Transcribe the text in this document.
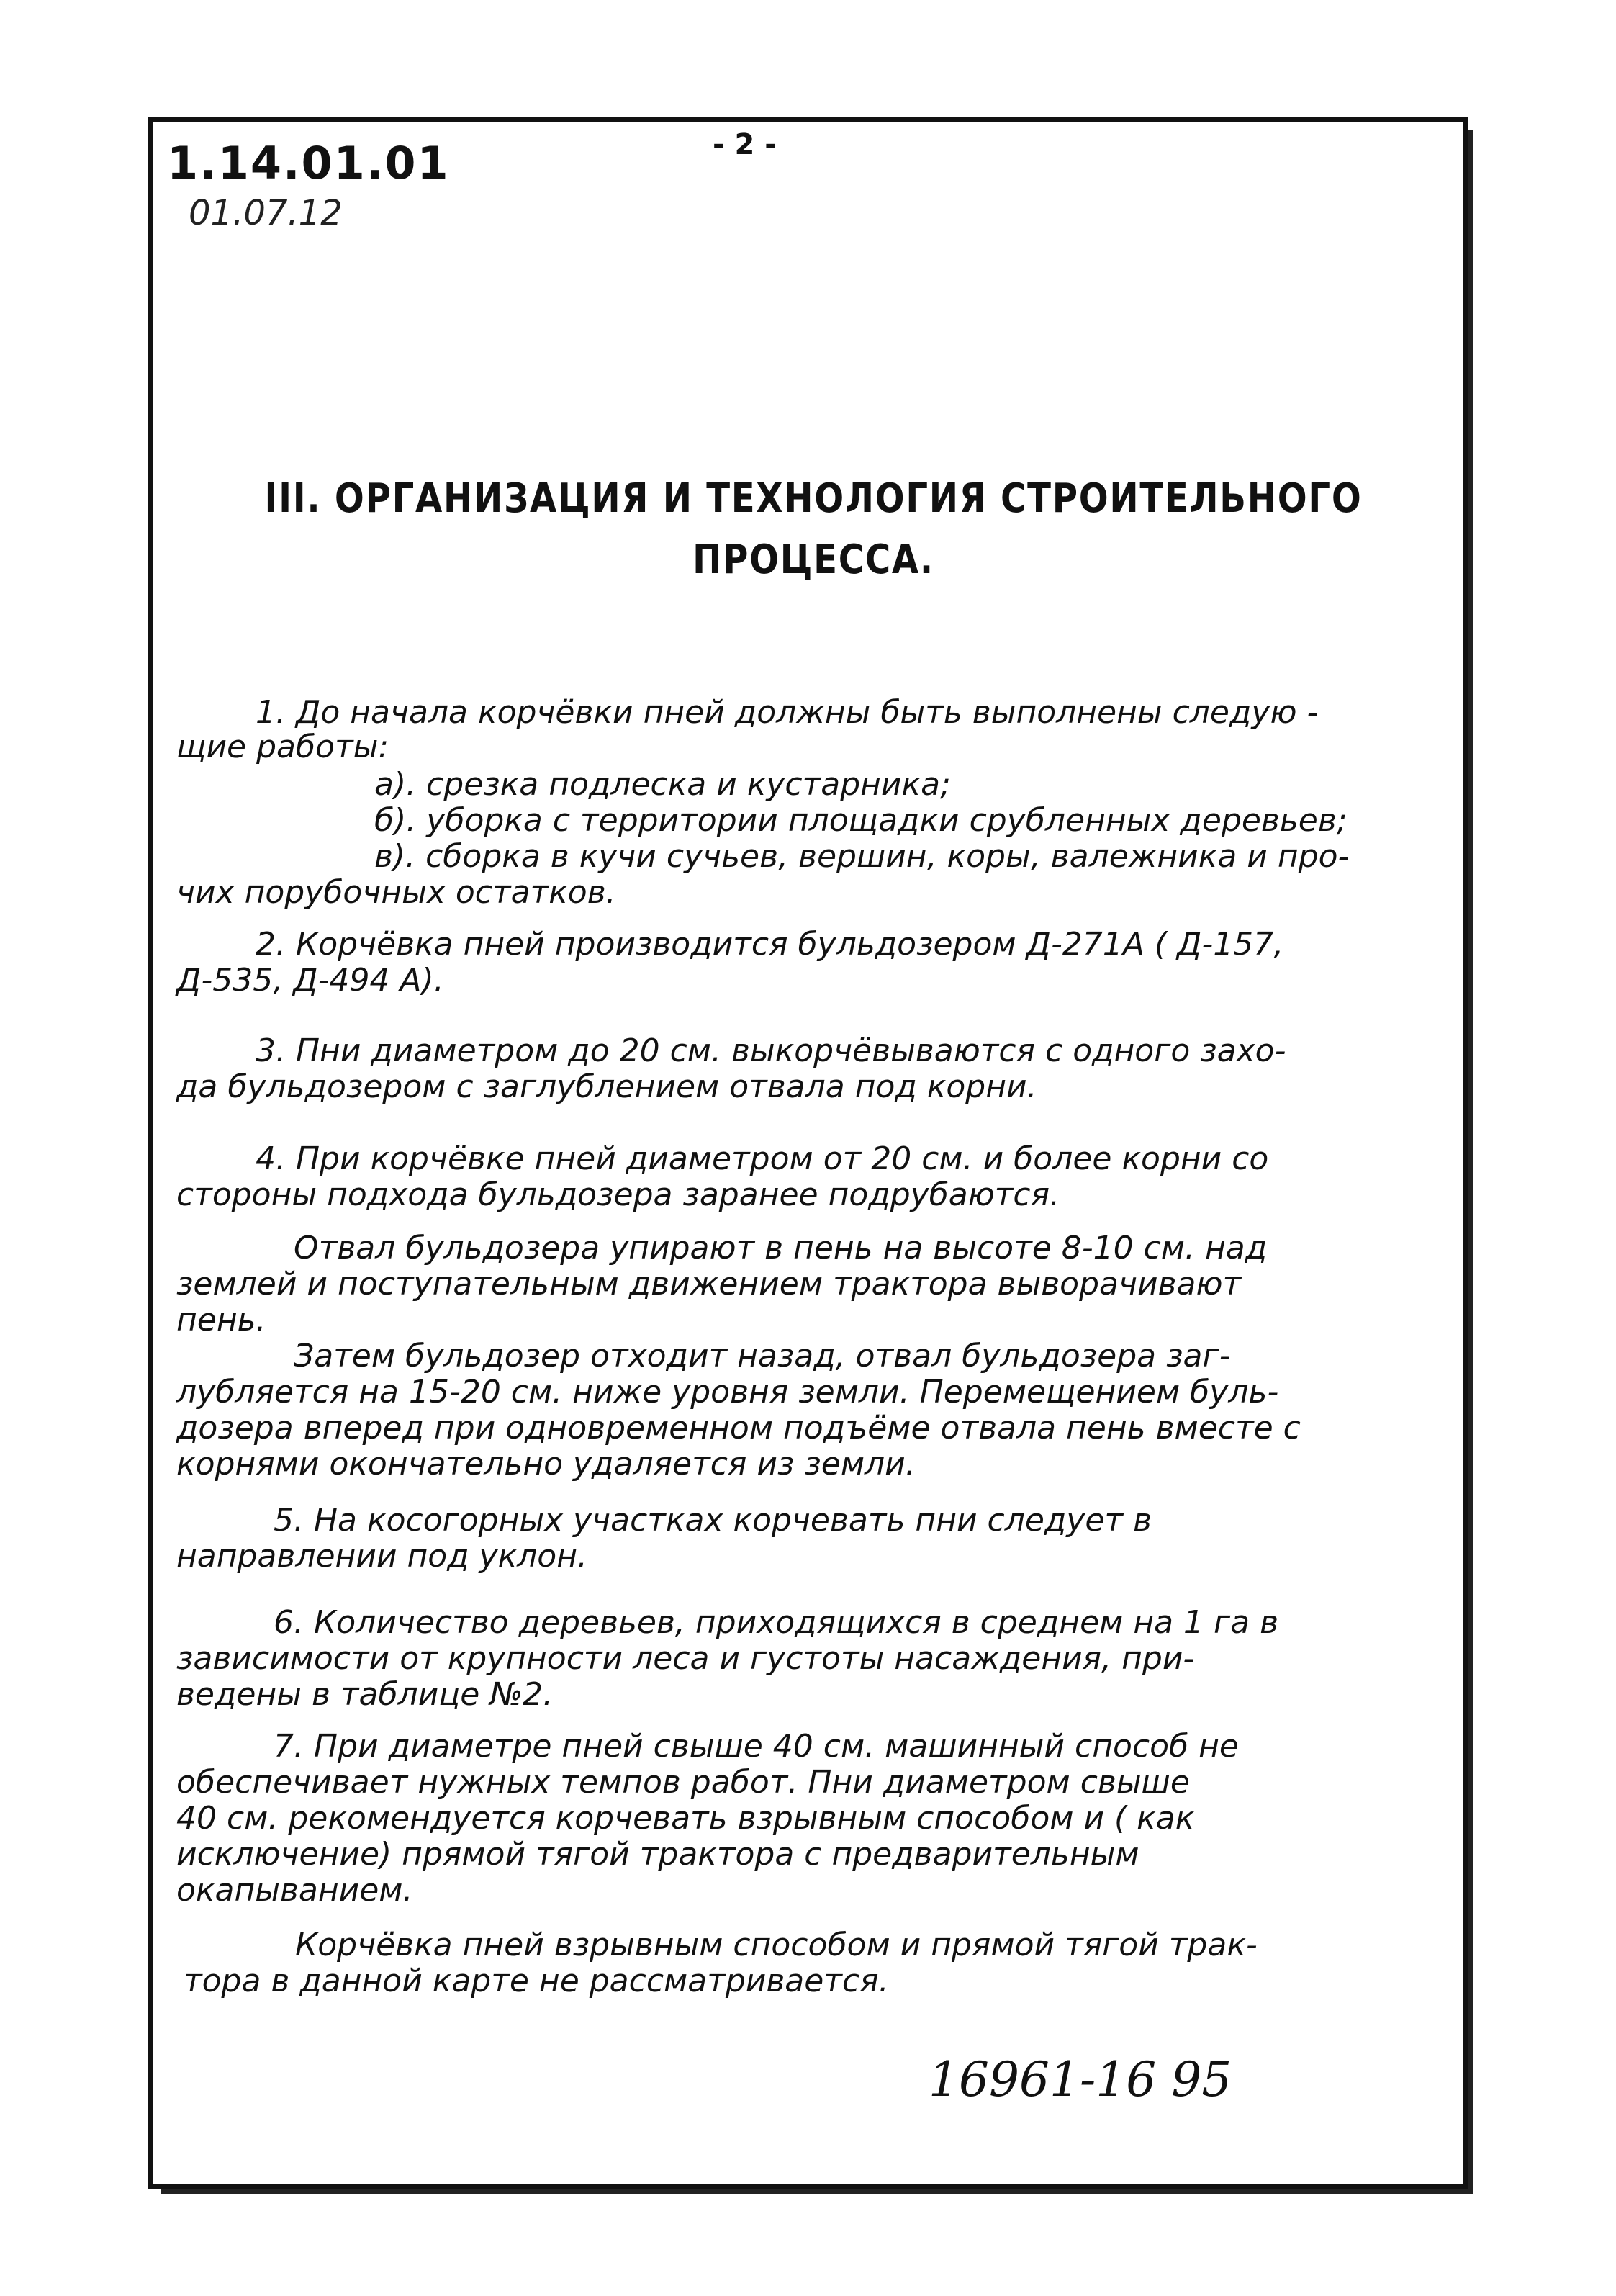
1.14.01.01
01.07.12
- 2 -
III. ОРГАНИЗАЦИЯ И ТЕХНОЛОГИЯ СТРОИТЕЛЬНОГО
ПРОЦЕССА.
1. До начала корчёвки пней должны быть выполнены следую -
щие работы:
а). срезка подлеска и кустарника;
б). уборка с территории площадки срубленных деревьев;
в). сборка в кучи сучьев, вершин, коры, валежника и про-
чих порубочных остатков.
2. Корчёвка пней производится бульдозером Д-271А ( Д-157,
Д-535, Д-494 А).
3. Пни диаметром до 20 см. выкорчёвываются с одного захо-
да бульдозером с заглублением отвала под корни.
4. При корчёвке пней диаметром от 20 см. и более корни со
стороны подхода бульдозера заранее подрубаются.
Отвал бульдозера упирают в пень на высоте 8-10 см. над
землей и поступательным движением трактора выворачивают
пень.
Затем бульдозер отходит назад, отвал бульдозера заг-
лубляется на 15-20 см. ниже уровня земли. Перемещением буль-
дозера вперед при одновременном подъёме отвала пень вместе с
корнями окончательно удаляется из земли.
5. На косогорных участках корчевать пни следует в
направлении под уклон.
6. Количество деревьев, приходящихся в среднем на 1 га в
зависимости от крупности леса и густоты насаждения, при-
ведены в таблице №2.
7. При диаметре пней свыше 40 см. машинный способ не
обеспечивает нужных темпов работ. Пни диаметром свыше
40 см. рекомендуется корчевать взрывным способом и ( как
исключение) прямой тягой трактора с предварительным
окапыванием.
Корчёвка пней взрывным способом и прямой тягой трак-
тора в данной карте не рассматривается.
16961-16 95
